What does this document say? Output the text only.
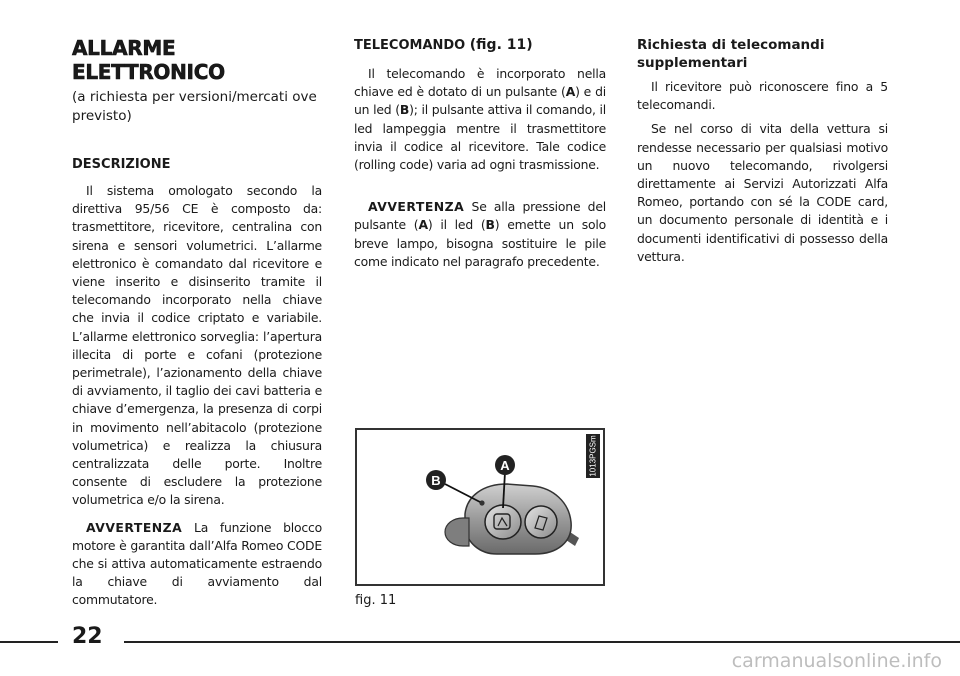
ALLARME ELETTRONICO

(a richiesta per versioni/mercati ove previsto)

DESCRIZIONE

Il sistema omologato secondo la direttiva 95/56 CE è composto da: trasmettitore, ricevitore, centralina con sirena e sensori volumetrici. L’allarme elettronico è comandato dal ricevitore e viene inserito e disinserito tramite il telecomando incorporato nella chiave che invia il codice criptato e variabile. L’allarme elettronico sorveglia: l’apertura illecita di porte e cofani (protezione perimetrale), l’azionamento della chiave di avviamento, il taglio dei cavi batteria e chiave d’emergenza, la presenza di corpi in movimento nell’abitacolo (protezione volumetrica) e realizza la chiusura centralizzata delle porte. Inoltre consente di escludere la protezione volumetrica e/o la sirena.

AVVERTENZA La funzione blocco motore è garantita dall’Alfa Romeo CODE che si attiva automaticamente estraendo la chiave di avviamento dal commutatore.

TELECOMANDO (fig. 11)

Il telecomando è incorporato nella chiave ed è dotato di un pulsante (A) e di un led (B); il pulsante attiva il comando, il led lampeggia mentre il trasmettitore invia il codice al ricevitore. Tale codice (rolling code) varia ad ogni trasmissione.

AVVERTENZA Se alla pressione del pulsante (A) il led (B) emette un solo breve lampo, bisogna sostituire le pile come indicato nel paragrafo precedente.

Richiesta di telecomandi supplementari

Il ricevitore può riconoscere fino a 5 telecomandi.

Se nel corso di vita della vettura si rendesse necessario per qualsiasi motivo un nuovo telecomando, rivolgersi direttamente ai Servizi Autorizzati Alfa Romeo, portando con sé la CODE card, un documento personale di identità e i documenti identificativi di possesso della vettura.

1013PGSm
A
B
fig. 11
22
carmanualsonline.info
